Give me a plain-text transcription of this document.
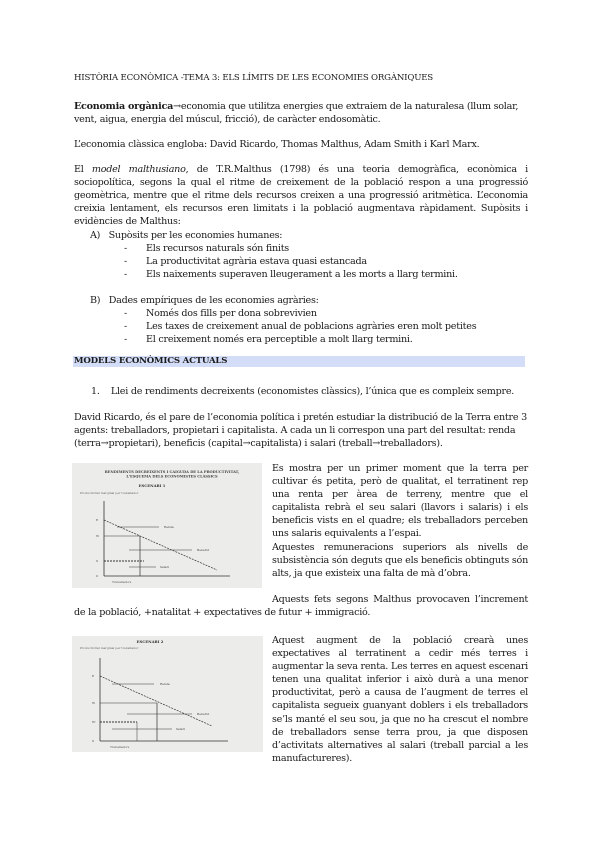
HISTÒRIA ECONÒMICA -TEMA 3: ELS LÍMITS DE LES ECONOMIES ORGÀNIQUES
Economia orgànica→economia que utilitza energies que extraiem de la naturalesa (llum solar, vent, aigua, energia del múscul, fricció), de caràcter endosomàtic.
L’economia clàssica engloba: David Ricardo, Thomas Malthus, Adam Smith i Karl Marx.
El model malthusiano, de T.R.Malthus (1798) és una teoria demogràfica, econòmica i sociopolítica, segons la qual el ritme de creixement de la població respon a una progressió geomètrica, mentre que el ritme dels recursos creixen a una progressió aritmètica. L’economia creixia lentament, els recursos eren limitats i la població augmentava ràpidament. Supòsits i evidències de Malthus:
A) Supòsits per les economies humanes:
- Els recursos naturals són finits
- La productivitat agrària estava quasi estancada
- Els naixements superaven lleugerament a les morts a llarg termini.
B) Dades empíriques de les economies agràries:
- Només dos fills per dona sobrevivien
- Les taxes de creixement anual de poblacions agràries eren molt petites
- El creixement només era perceptible a molt llarg termini.
MODELS ECONÒMICS ACTUALS
1. Llei de rendiments decreixents (economistes clàssics), l’única que es compleix sempre.
David Ricardo, és el pare de l’economia política i pretén estudiar la distribució de la Terra entre 3 agents: treballadors, propietari i capitalista. A cada un li correspon una part del resultat: renda (terra→propietari), beneficis (capital→capitalista) i salari (treball→treballadors).
RENDIMENTS DECREIXENTS I CAIGUDA DE LA PRODUCTIVITAT,
L'ESQUEMA DELS ECONOMISTES CLÀSSICS
ESCENARI 1
Productivitat marginal per treballador
Renda
Benefici
Salari
E
W
S
0
Treballadors
Es mostra per un primer moment que la terra per cultivar és petita, però de qualitat, el terratinent rep una renta per àrea de terreny, mentre que el capitalista rebrà el seu salari (llavors i salaris) i els beneficis vists en el quadre; els treballadors perceben uns salaris equivalents a l’espai.
Aquestes remuneracions superiors als nivells de subsistència són deguts que els beneficis obtinguts són alts, ja que existeix una falta de mà d’obra.
Aquests fets segons Malthus provocaven l’increment de la població, +natalitat + expectatives de futur + immigració.
ESCENARI 2
Productivitat marginal per treballador
Renda
Benefici
Salari
E
W
W'
S
Treballadors
Aquest augment de la població crearà unes expectatives al terratinent a cedir més terres i augmentar la seva renta. Les terres en aquest escenari tenen una qualitat inferior i això durà a una menor productivitat, però a causa de l’augment de terres el capitalista segueix guanyant doblers i els treballadors se’ls manté el seu sou, ja que no ha crescut el nombre de treballadors sense terra prou, ja que disposen d’activitats alternatives al salari (treball parcial a les manufactureres).
